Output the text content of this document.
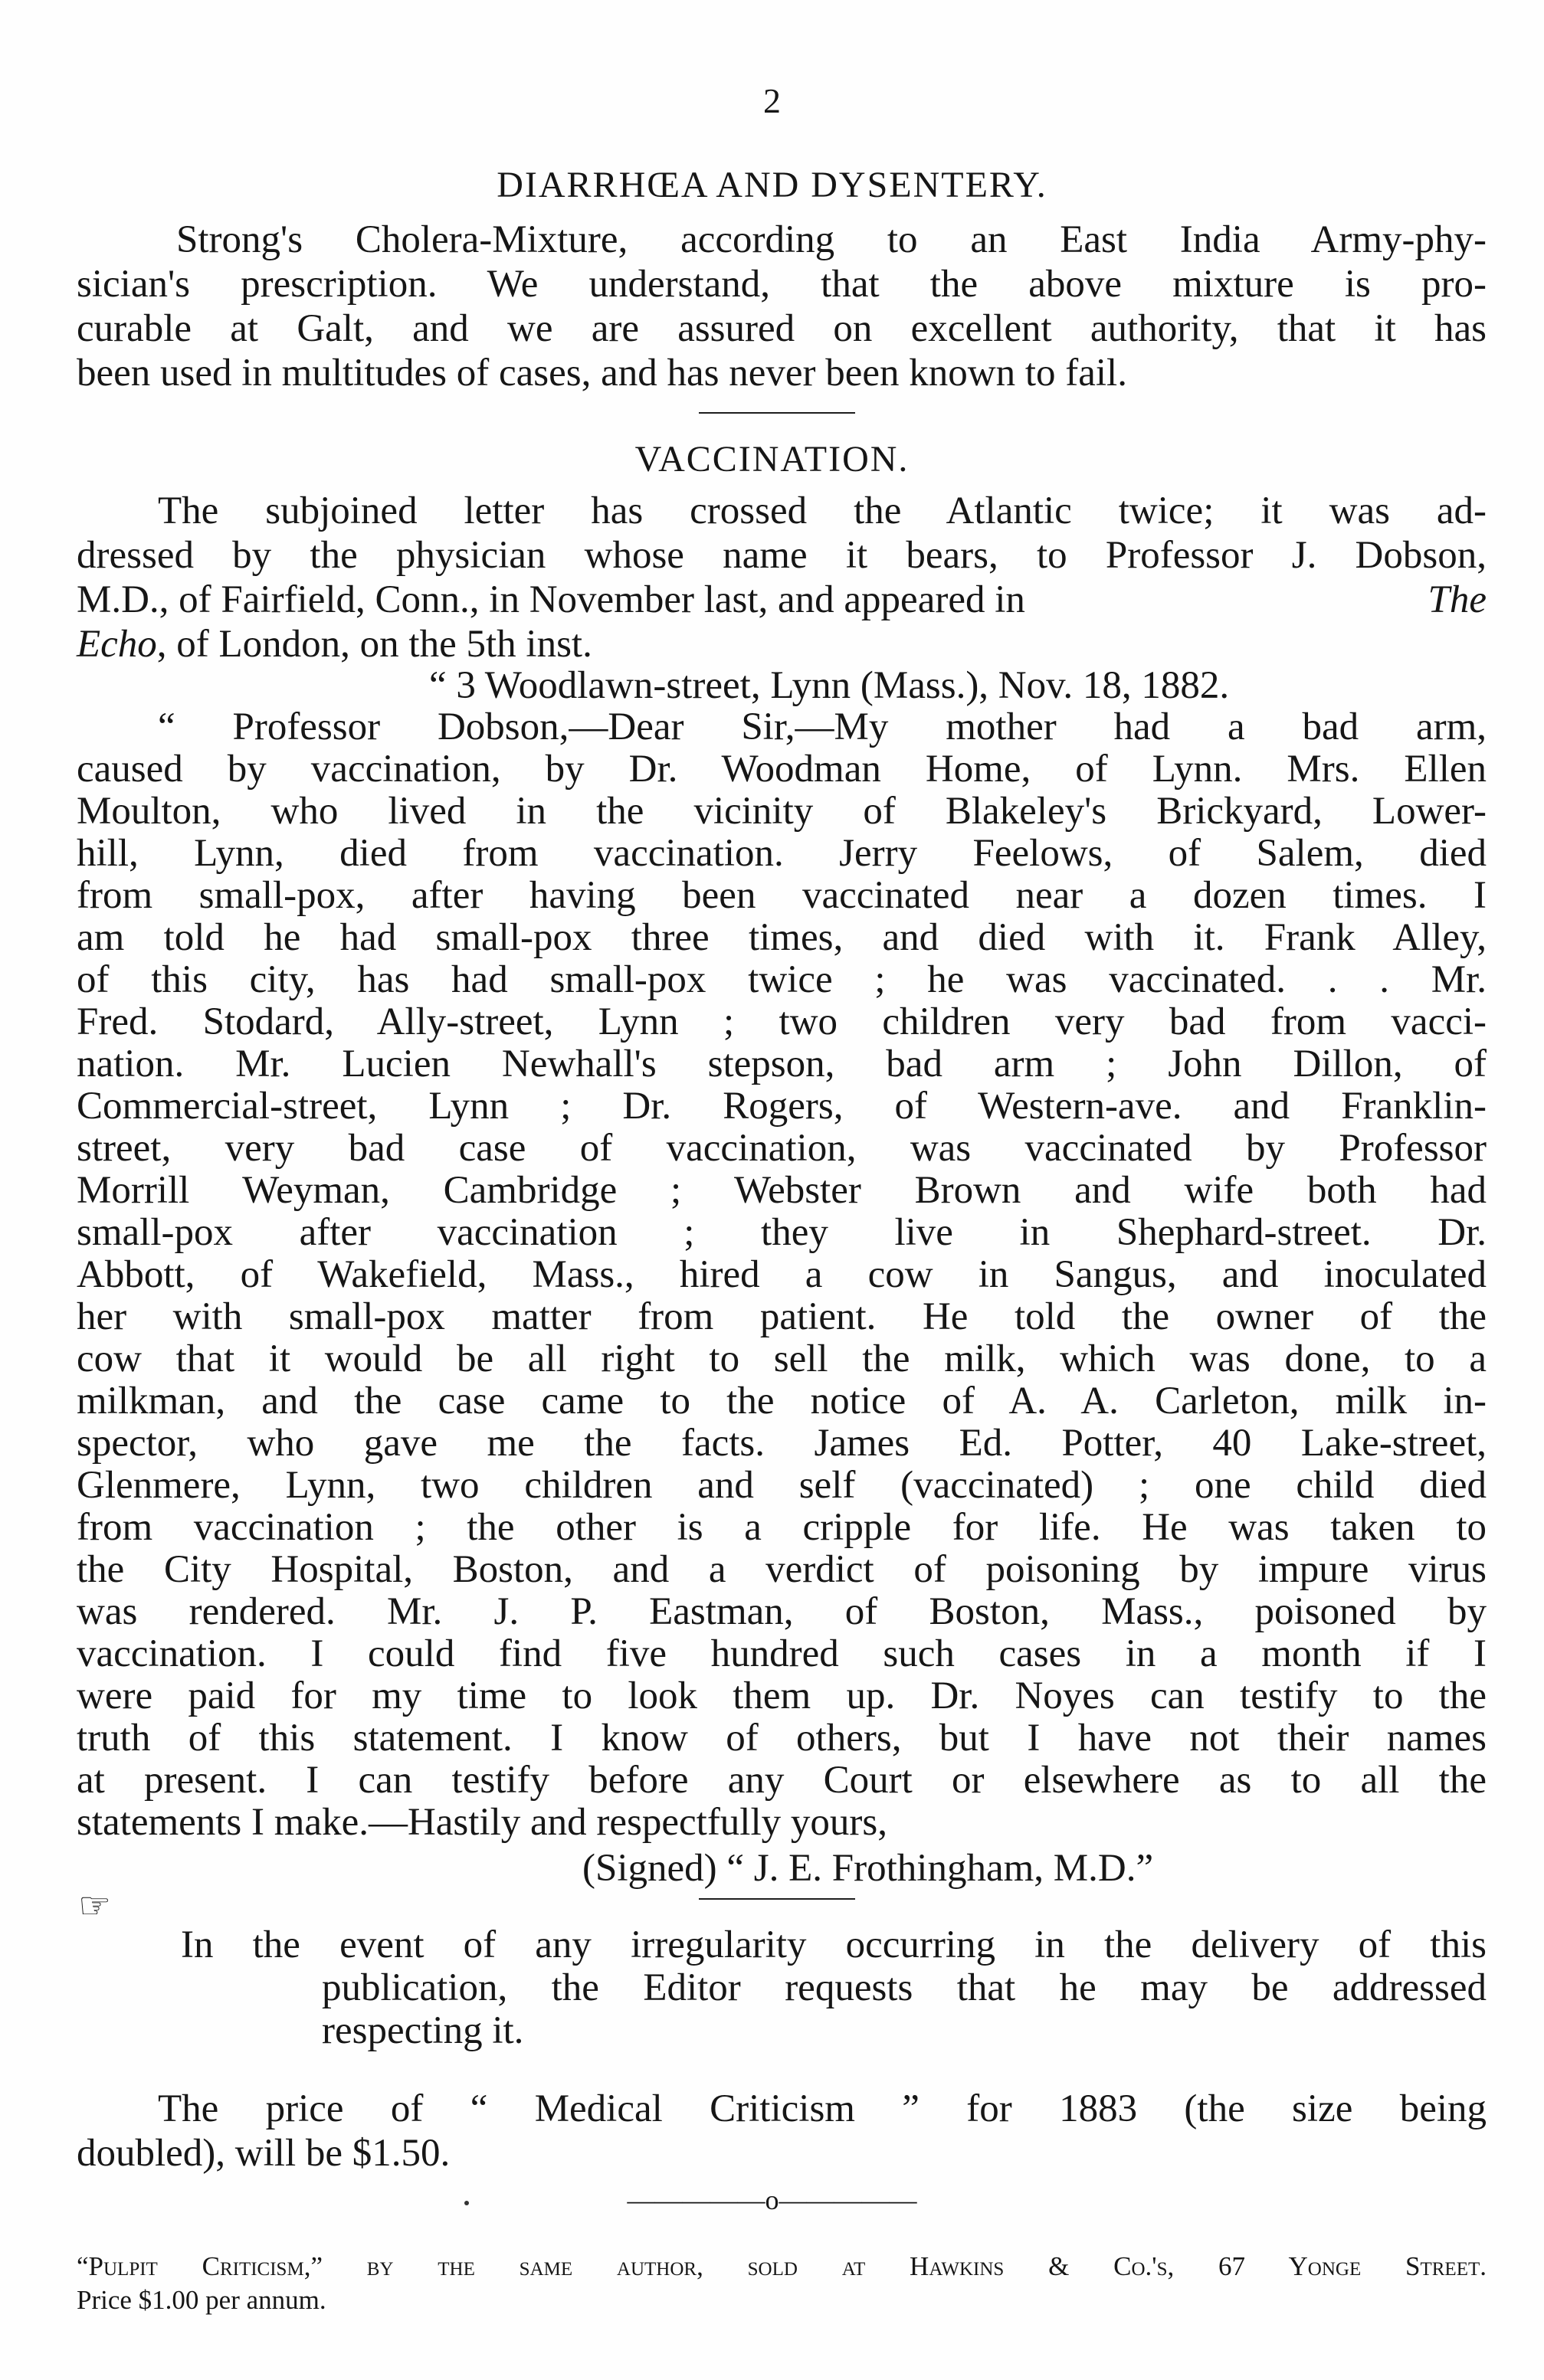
2
DIARRHŒA AND DYSENTERY.
Strong's Cholera-Mixture, according to an East India Army-phy-
sician's prescription. We understand, that the above mixture is pro-
curable at Galt, and we are assured on excellent authority, that it has
been used in multitudes of cases, and has never been known to fail.
VACCINATION.
The subjoined letter has crossed the Atlantic twice; it was ad-
dressed by the physician whose name it bears, to Professor J. Dobson,
M.D., of Fairfield, Conn., in November last, and appeared in	The
Echo, of London, on the 5th inst.
“ 3 Woodlawn-street, Lynn (Mass.), Nov. 18, 1882.
“ Professor Dobson,—Dear Sir,—My mother had a bad arm,
caused by vaccination, by Dr. Woodman Home, of Lynn. Mrs. Ellen
Moulton, who lived in the vicinity of Blakeley's Brickyard, Lower-
hill, Lynn, died from vaccination. Jerry Feelows, of Salem, died
from small-pox, after having been vaccinated near a dozen times. I
am told he had small-pox three times, and died with it. Frank Alley,
of this city, has had small-pox twice ; he was vaccinated. . . Mr.
Fred. Stodard, Ally-street, Lynn ; two children very bad from vacci-
nation. Mr. Lucien Newhall's stepson, bad arm ; John Dillon, of
Commercial-street, Lynn ; Dr. Rogers, of Western-ave. and Franklin-
street, very bad case of vaccination, was vaccinated by Professor
Morrill Weyman, Cambridge ; Webster Brown and wife both had
small-pox after vaccination ; they live in Shephard-street. Dr.
Abbott, of Wakefield, Mass., hired a cow in Sangus, and inoculated
her with small-pox matter from patient. He told the owner of the
cow that it would be all right to sell the milk, which was done, to a
milkman, and the case came to the notice of A. A. Carleton, milk in-
spector, who gave me the facts. James Ed. Potter, 40 Lake-street,
Glenmere, Lynn, two children and self (vaccinated) ; one child died
from vaccination ; the other is a cripple for life. He was taken to
the City Hospital, Boston, and a verdict of poisoning by impure virus
was rendered. Mr. J. P. Eastman, of Boston, Mass., poisoned by
vaccination. I could find five hundred such cases in a month if I
were paid for my time to look them up. Dr. Noyes can testify to the
truth of this statement. I know of others, but I have not their names
at present. I can testify before any Court or elsewhere as to all the
statements I make.—Hastily and respectfully yours,
(Signed) “ J. E. Frothingham, M.D.”
☞
In the event of any irregularity occurring in the delivery of this
publication, the Editor requests that he may be addressed
respecting it.
The price of “ Medical Criticism ” for 1883 (the size being
doubled), will be $1.50.
—————o—————
“Pulpit Criticism,” by the same author, sold at Hawkins & Co.'s, 67 Yonge Street.
Price $1.00 per annum.
